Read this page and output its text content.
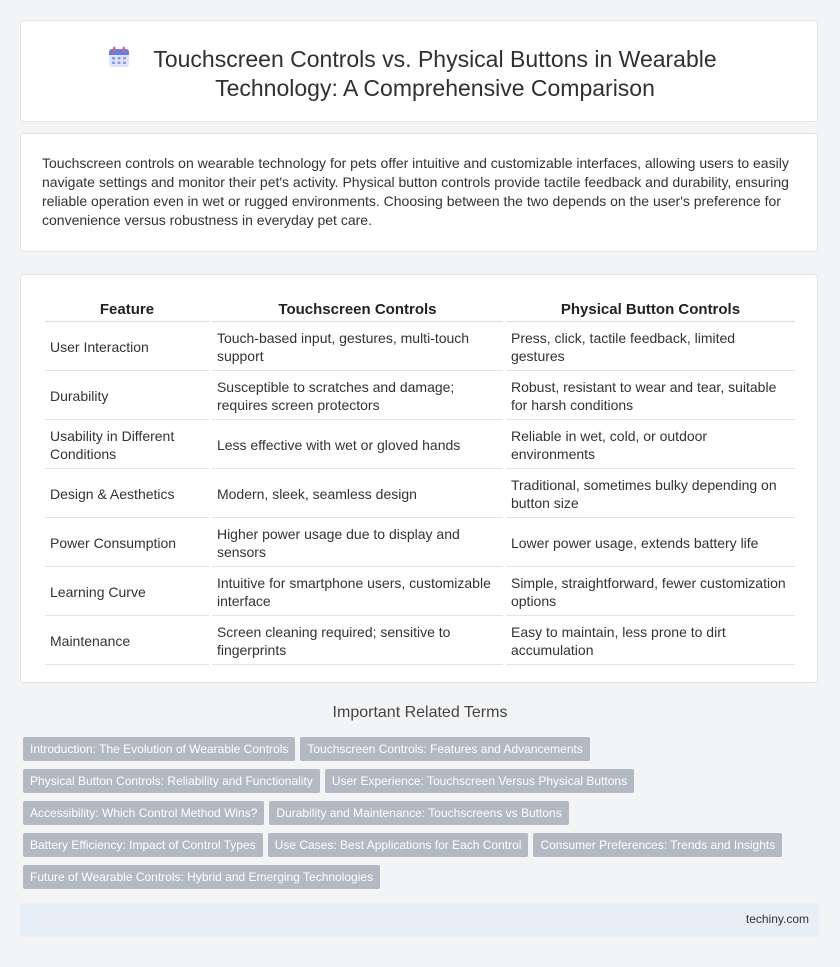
Touchscreen Controls vs. Physical Buttons in Wearable Technology: A Comprehensive Comparison

Touchscreen controls on wearable technology for pets offer intuitive and customizable interfaces, allowing users to easily navigate settings and monitor their pet's activity. Physical button controls provide tactile feedback and durability, ensuring reliable operation even in wet or rugged environments. Choosing between the two depends on the user's preference for convenience versus robustness in everyday pet care.

Feature	Touchscreen Controls	Physical Button Controls
User Interaction	Touch-based input, gestures, multi-touch support	Press, click, tactile feedback, limited gestures
Durability	Susceptible to scratches and damage; requires screen protectors	Robust, resistant to wear and tear, suitable for harsh conditions
Usability in Different Conditions	Less effective with wet or gloved hands	Reliable in wet, cold, or outdoor environments
Design & Aesthetics	Modern, sleek, seamless design	Traditional, sometimes bulky depending on button size
Power Consumption	Higher power usage due to display and sensors	Lower power usage, extends battery life
Learning Curve	Intuitive for smartphone users, customizable interface	Simple, straightforward, fewer customization options
Maintenance	Screen cleaning required; sensitive to fingerprints	Easy to maintain, less prone to dirt accumulation
Important Related Terms
Introduction: The Evolution of Wearable Controls Touchscreen Controls: Features and Advancements
Physical Button Controls: Reliability and Functionality User Experience: Touchscreen Versus Physical Buttons
Accessibility: Which Control Method Wins? Durability and Maintenance: Touchscreens vs Buttons
Battery Efficiency: Impact of Control Types Use Cases: Best Applications for Each Control Consumer Preferences: Trends and Insights
Future of Wearable Controls: Hybrid and Emerging Technologies
techiny.com
